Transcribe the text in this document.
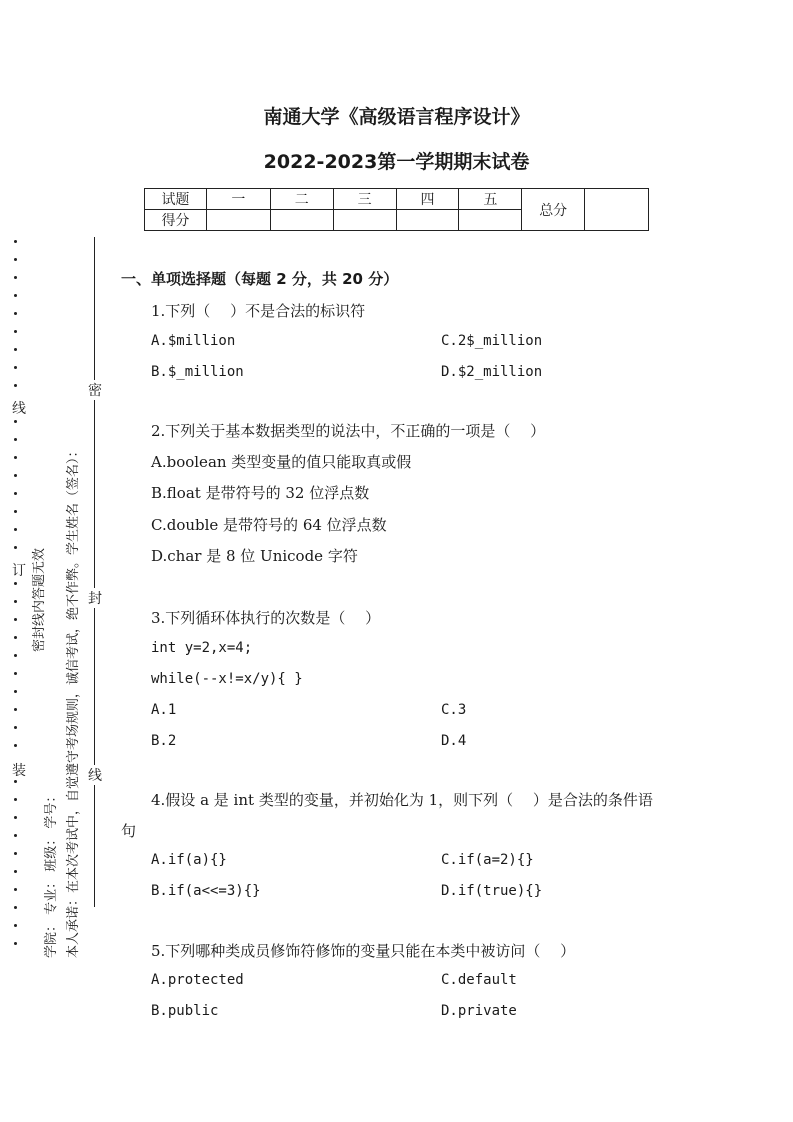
线
订
装
密
封
线
密封线内答题无效
学院： 专业： 班级： 学号： 本人承诺：在本次考试中，自觉遵守考场规则，诚信考试，绝不作弊。学生姓名（签名）：
南通大学《高级语言程序设计》
2022-2023第一学期期末试卷
试题	一	二	三	四	五	总分	
得分							
一、单项选择题（每题 2 分，共 20 分）
1.下列（　 ）不是合法的标识符
A.$million	C.2$_million
B.$_million	D.$2_million
2.下列关于基本数据类型的说法中，不正确的一项是（　 ）
A.boolean 类型变量的值只能取真或假
B.float 是带符号的 32 位浮点数
C.double 是带符号的 64 位浮点数
D.char 是 8 位 Unicode 字符
3.下列循环体执行的次数是（　 ）
int y=2,x=4;
while(--x!=x/y){ }
A.1	C.3
B.2	D.4
4.假设 a 是 int 类型的变量，并初始化为 1，则下列（　 ）是合法的条件语
句
A.if(a){}	C.if(a=2){}
B.if(a<<=3){}	D.if(true){}
5.下列哪种类成员修饰符修饰的变量只能在本类中被访问（　 ）
A.protected	C.default
B.public	D.private
